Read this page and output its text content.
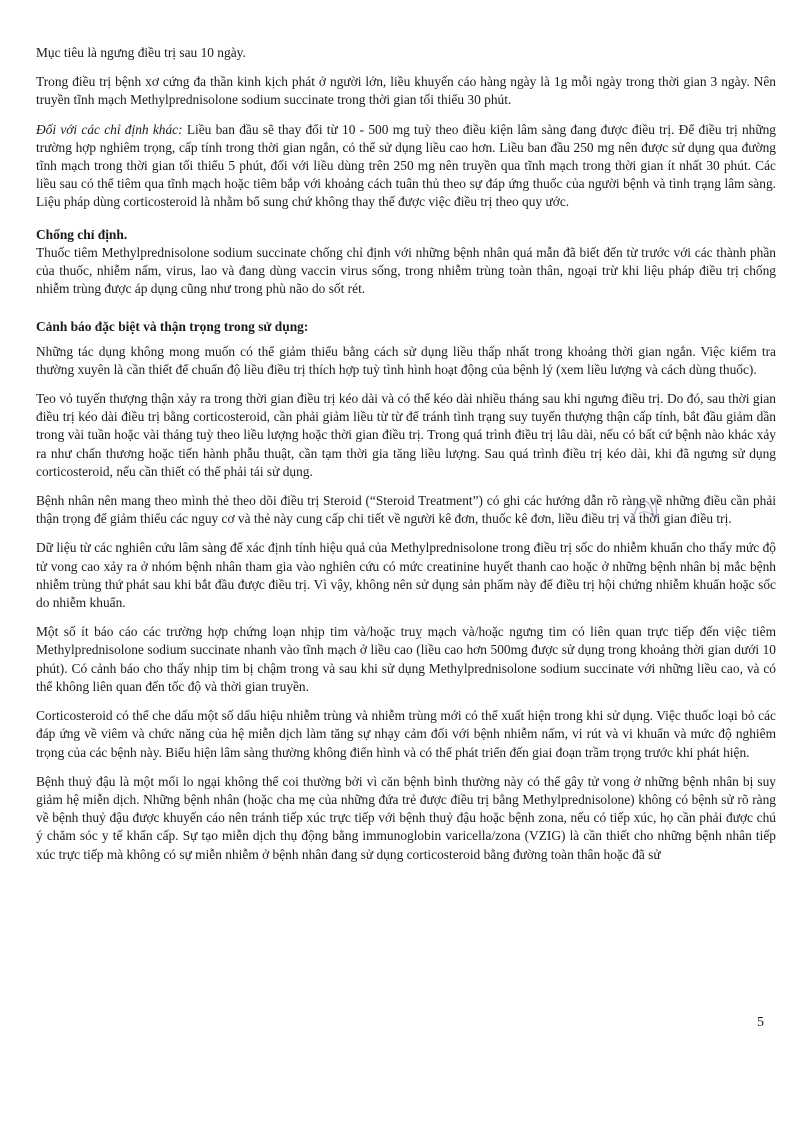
Mục tiêu là ngưng điều trị sau 10 ngày.

Trong điều trị bệnh xơ cứng đa thần kinh kịch phát ở người lớn, liều khuyến cáo hàng ngày là 1g mỗi ngày trong thời gian 3 ngày. Nên truyền tĩnh mạch Methylprednisolone sodium succinate trong thời gian tối thiểu 30 phút.

Đối với các chỉ định khác: Liều ban đầu sẽ thay đổi từ 10 - 500 mg tuỳ theo điều kiện lâm sàng đang được điều trị. Để điều trị những trường hợp nghiêm trọng, cấp tính trong thời gian ngắn, có thể sử dụng liều cao hơn. Liều ban đầu 250 mg nên được sử dụng qua đường tĩnh mạch trong thời gian tối thiểu 5 phút, đối với liều dùng trên 250 mg nên truyền qua tĩnh mạch trong thời gian ít nhất 30 phút. Các liều sau có thể tiêm qua tĩnh mạch hoặc tiêm bắp với khoảng cách tuân thủ theo sự đáp ứng thuốc của người bệnh và tình trạng lâm sàng. Liệu pháp dùng corticosteroid là nhằm bổ sung chứ không thay thế được việc điều trị theo quy ước.

Chống chỉ định.

Thuốc tiêm Methylprednisolone sodium succinate chống chỉ định với những bệnh nhân quá mẫn đã biết đến từ trước với các thành phần của thuốc, nhiễm nấm, virus, lao và đang dùng vaccin virus sống, trong nhiễm trùng toàn thân, ngoại trừ khi liệu pháp điều trị chống nhiễm trùng được áp dụng cũng như trong phù não do sốt rét.

Cảnh báo đặc biệt và thận trọng trong sử dụng:

Những tác dụng không mong muốn có thể giảm thiểu bằng cách sử dụng liều thấp nhất trong khoảng thời gian ngắn. Việc kiểm tra thường xuyên là cần thiết để chuẩn độ liều điều trị thích hợp tuỳ tình hình hoạt động của bệnh lý (xem liều lượng và cách dùng thuốc).

Teo vỏ tuyến thượng thận xảy ra trong thời gian điều trị kéo dài và có thể kéo dài nhiều tháng sau khi ngưng điều trị. Do đó, sau thời gian điều trị kéo dài điều trị bằng corticosteroid, cần phải giảm liều từ từ để tránh tình trạng suy tuyến thượng thận cấp tính, bắt đầu giảm dần trong vài tuần hoặc vài tháng tuỳ theo liều lượng hoặc thời gian điều trị. Trong quá trình điều trị lâu dài, nếu có bất cứ bệnh nào khác xảy ra như chấn thương hoặc tiến hành phẫu thuật, cần tạm thời gia tăng liều lượng. Sau quá trình điều trị kéo dài, khi đã ngưng sử dụng corticosteroid, nếu cần thiết có thể phải tái sử dụng.

Bệnh nhân nên mang theo mình thẻ theo dõi điều trị Steroid (“Steroid Treatment”) có ghi các hướng dẫn rõ ràng về những điều cần phải thận trọng để giảm thiểu các nguy cơ và thẻ này cung cấp chi tiết về người kê đơn, thuốc kê đơn, liều điều trị và thời gian điều trị.

Dữ liệu từ các nghiên cứu lâm sàng để xác định tính hiệu quả của Methylprednisolone trong điều trị sốc do nhiễm khuẩn cho thấy mức độ tử vong cao xảy ra ở nhóm bệnh nhân tham gia vào nghiên cứu có mức creatinine huyết thanh cao hoặc ở những bệnh nhân bị mắc bệnh nhiễm trùng thứ phát sau khi bắt đầu được điều trị. Vì vậy, không nên sử dụng sản phẩm này để điều trị hội chứng nhiễm khuẩn hoặc sốc do nhiễm khuẩn.

Một số ít báo cáo các trường hợp chứng loạn nhịp tim và/hoặc truỵ mạch và/hoặc ngưng tim có liên quan trực tiếp đến việc tiêm Methylprednisolone sodium succinate nhanh vào tĩnh mạch ở liều cao (liều cao hơn 500mg được sử dụng trong khoảng thời gian dưới 10 phút). Có cảnh báo cho thấy nhịp tim bị chậm trong và sau khi sử dụng Methylprednisolone sodium succinate với những liều cao, và có thể không liên quan đến tốc độ và thời gian truyền.

Corticosteroid có thể che dấu một số dấu hiệu nhiễm trùng và nhiễm trùng mới có thể xuất hiện trong khi sử dụng. Việc thuốc loại bỏ các đáp ứng về viêm và chức năng của hệ miễn dịch làm tăng sự nhạy cảm đối với bệnh nhiễm nấm, vi rút và vi khuẩn và mức độ nghiêm trọng của các bệnh này. Biểu hiện lâm sàng thường không điển hình và có thể phát triển đến giai đoạn trầm trọng trước khi phát hiện.

Bệnh thuỷ đậu là một mối lo ngại không thể coi thường bởi vì căn bệnh bình thường này có thể gây tử vong ở những bệnh nhân bị suy giảm hệ miễn dịch. Những bệnh nhân (hoặc cha mẹ của những đứa trẻ được điều trị bằng Methylprednisolone) không có bệnh sử rõ ràng về bệnh thuỷ đậu được khuyến cáo nên tránh tiếp xúc trực tiếp với bệnh thuỷ đậu hoặc bệnh zona, nếu có tiếp xúc, họ cần phải được chú ý chăm sóc y tế khẩn cấp. Sự tạo miễn dịch thụ động bằng immunoglobin varicella/zona (VZIG) là cần thiết cho những bệnh nhân tiếp xúc trực tiếp mà không có sự miễn nhiễm ở bệnh nhân đang sử dụng corticosteroid bằng đường toàn thân hoặc đã sử

5
